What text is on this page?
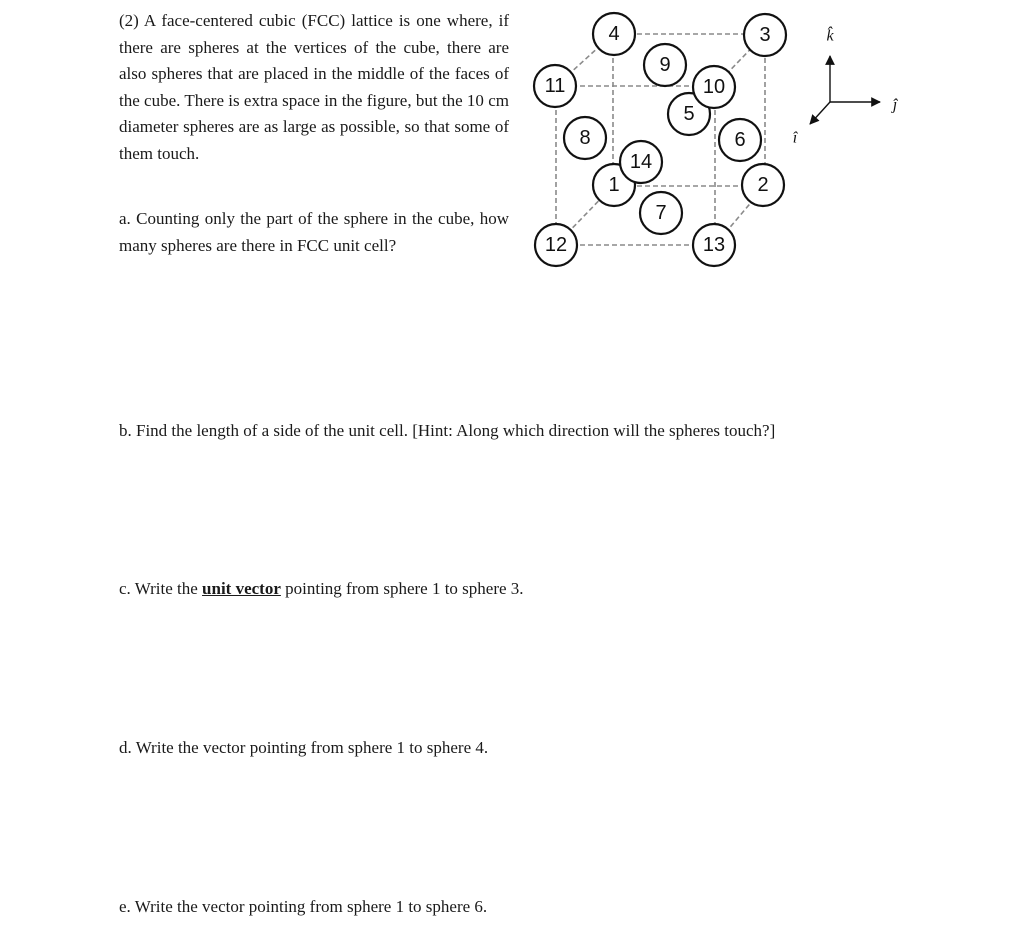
(2) A face-centered cubic (FCC) lattice is one where, if there are spheres at the vertices of the cube, there are also spheres that are placed in the middle of the faces of the cube. There is extra space in the figure, but the 10 cm diameter spheres are as large as possible, so that some of them touch.

a. Counting only the part of the sphere in the cube, how many spheres are there in FCC unit cell?
b. Find the length of a side of the unit cell. [Hint: Along which direction will the spheres touch?]
c. Write the unit vector pointing from sphere 1 to sphere 3.
d. Write the vector pointing from sphere 1 to sphere 4.
e. Write the vector pointing from sphere 1 to sphere 6.
4	3
9
1	2
5
6
8
10
11
7
14
12	13
k̂
ĵ
î
